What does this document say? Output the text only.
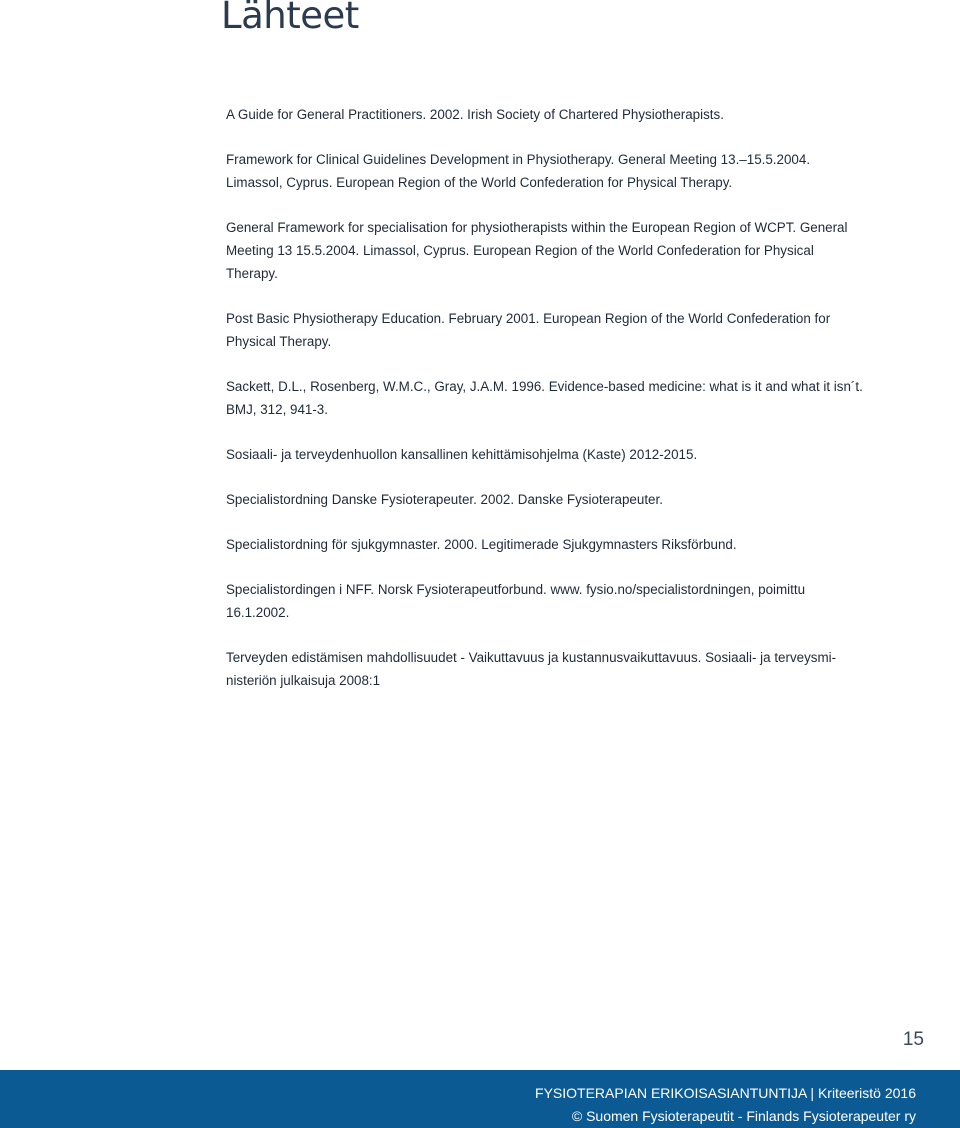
Lähteet
A Guide for General Practitioners. 2002. Irish Society of Chartered Physiotherapists.
Framework for Clinical Guidelines Development in Physiotherapy. General Meeting 13.–15.5.2004.
Limassol, Cyprus. European Region of the World Confederation for Physical Therapy.
General Framework for specialisation for physiotherapists within the European Region of WCPT. General
Meeting 13 15.5.2004. Limassol, Cyprus. European Region of the World Confederation for Physical
Therapy.
Post Basic Physiotherapy Education. February 2001. European Region of the World Confederation for
Physical Therapy.
Sackett, D.L., Rosenberg, W.M.C., Gray, J.A.M. 1996. Evidence-based medicine: what is it and what it isn´t.
BMJ, 312, 941-3.
Sosiaali- ja terveydenhuollon kansallinen kehittämisohjelma (Kaste) 2012-2015.
Specialistordning Danske Fysioterapeuter. 2002. Danske Fysioterapeuter.
Specialistordning för sjukgymnaster. 2000. Legitimerade Sjukgymnasters Riksförbund.
Specialistordingen i NFF. Norsk Fysioterapeutforbund. www. fysio.no/specialistordningen, poimittu
16.1.2002.
Terveyden edistämisen mahdollisuudet - Vaikuttavuus ja kustannusvaikuttavuus. Sosiaali- ja terveysmi-
nisteriön julkaisuja 2008:1
15
FYSIOTERAPIAN ERIKOISASIANTUNTIJA | Kriteeristö 2016
© Suomen Fysioterapeutit - Finlands Fysioterapeuter ry
